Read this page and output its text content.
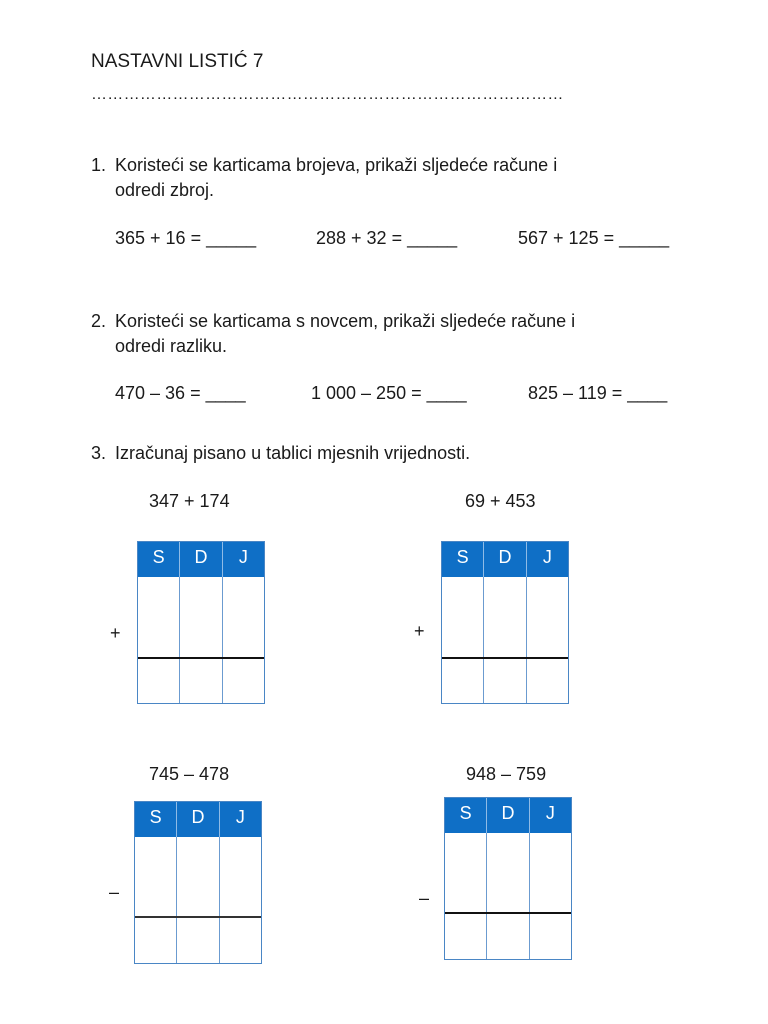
NASTAVNI LISTIĆ 7
……………………………………………………………………………
1. Koristeći se karticama brojeva, prikaži sljedeće račune i
odredi zbroj.
365 + 16 = _____	288 + 32 = _____	567 + 125 = _____
2. Koristeći se karticama s novcem, prikaži sljedeće račune i
odredi razliku.
470 – 36 = ____	1 000 – 250 = ____	825 – 119 = ____
3. Izračunaj pisano u tablici mjesnih vrijednosti.
347 + 174
+
S	D	J
69 + 453
+
S	D	J
745 – 478
–
S	D	J
948 – 759
–
S	D	J
